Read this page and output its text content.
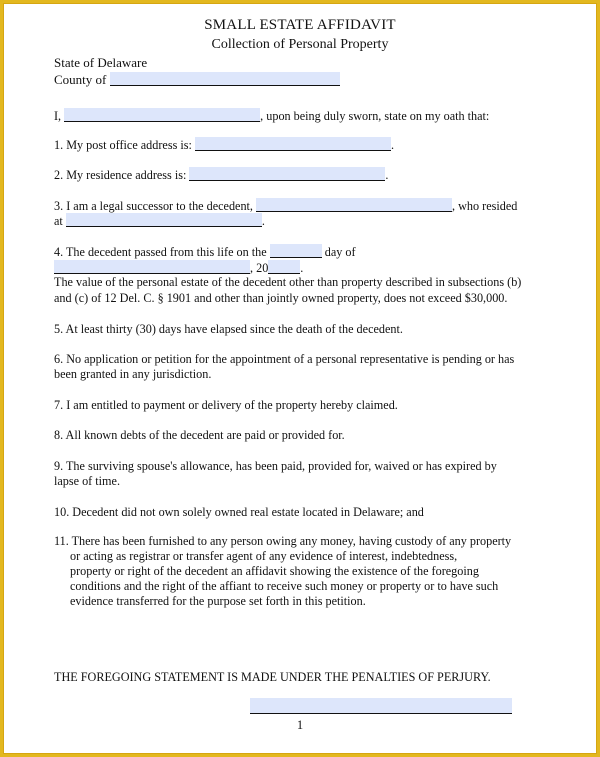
SMALL ESTATE AFFIDAVIT
Collection of Personal Property
State of Delaware
County of
I,	, upon being duly sworn, state on my oath that:
1. My post office address is:	.
2. My residence address is:	.
3. I am a legal successor to the decedent,	, who resided
at	.
4. The decedent passed from this life on the	day of
, 20	.
The value of the personal estate of the decedent other than property described in subsections (b)
and (c) of 12 Del. C. § 1901 and other than jointly owned property, does not exceed $30,000.
5. At least thirty (30) days have elapsed since the death of the decedent.
6. No application or petition for the appointment of a personal representative is pending or has
been granted in any jurisdiction.
7. I am entitled to payment or delivery of the property hereby claimed.
8. All known debts of the decedent are paid or provided for.
9. The surviving spouse's allowance, has been paid, provided for, waived or has expired by
lapse of time.
10. Decedent did not own solely owned real estate located in Delaware; and
11. There has been furnished to any person owing any money, having custody of any property
or acting as registrar or transfer agent of any evidence of interest, indebtedness,
property or right of the decedent an affidavit showing the existence of the foregoing
conditions and the right of the affiant to receive such money or property or to have such
evidence transferred for the purpose set forth in this petition.
THE FOREGOING STATEMENT IS MADE UNDER THE PENALTIES OF PERJURY.
1
